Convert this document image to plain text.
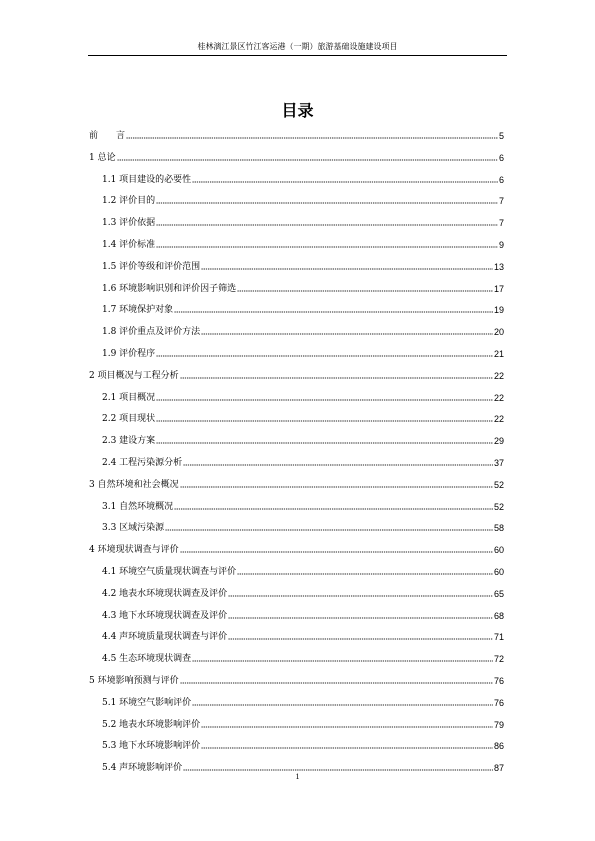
桂林漓江景区竹江客运港（一期）旅游基础设施建设项目
目录
前　　言	5
1 总论	6
1.1 项目建设的必要性	6
1.2 评价目的	7
1.3 评价依据	7
1.4 评价标准	9
1.5 评价等级和评价范围	13
1.6 环境影响识别和评价因子筛选	17
1.7 环境保护对象	19
1.8 评价重点及评价方法	20
1.9 评价程序	21
2 项目概况与工程分析	22
2.1 项目概况	22
2.2 项目现状	22
2.3 建设方案	29
2.4 工程污染源分析	37
3 自然环境和社会概况	52
3.1 自然环境概况	52
3.3 区域污染源	58
4 环境现状调查与评价	60
4.1 环境空气质量现状调查与评价	60
4.2 地表水环境现状调查及评价	65
4.3 地下水环境现状调查及评价	68
4.4 声环境质量现状调查与评价	71
4.5 生态环境现状调查	72
5 环境影响预测与评价	76
5.1 环境空气影响评价	76
5.2 地表水环境影响评价	79
5.3 地下水环境影响评价	86
5.4 声环境影响评价	87
1
